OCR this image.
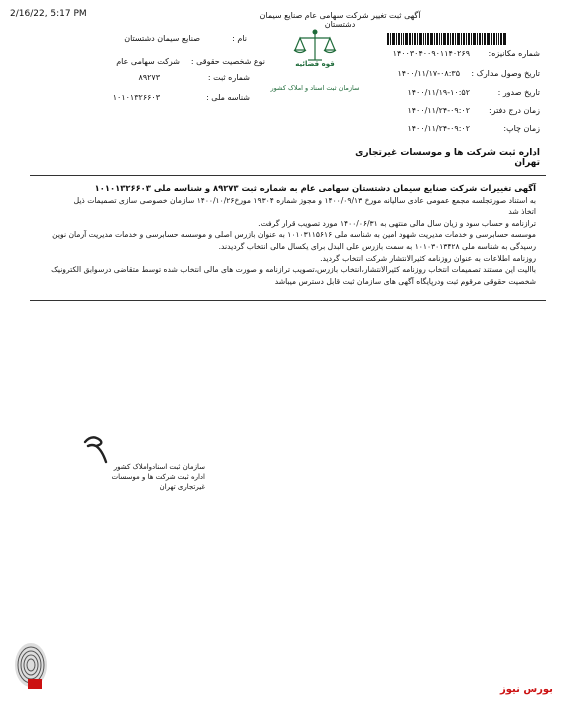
2/16/22, 5:17 PM	آگهی ثبت تغییر شرکت سهامی عام صنایع سیمان دشتستان
نام :
صنایع سیمان دشتستان
نوع شخصیت حقوقی :
شرکت سهامی عام
شماره ثبت :
۸۹۲۷۳
شناسه ملی :
۱۰۱۰۱۳۲۶۶۰۳
قوه قضائیه
سازمان ثبت اسناد و املاک کشور
شماره مکانیزه:
۱۴۰۰۳۰۴۰۰۹۰۱۱۴۰۲۶۹
تاریخ وصول مدارک :
۱۴۰۰/۱۱/۱۷-۰۸:۳۵
تاریخ صدور :
۱۴۰۰/۱۱/۱۹-۱۰:۵۲
زمان درج دفتر:
۱۴۰۰/۱۱/۲۴-۰۹:۰۲
زمان چاپ:
۱۴۰۰/۱۱/۲۴-۰۹:۰۲
اداره ثبت شرکت ها و موسسات غیرتجاری تهران

آگهی تغییرات شرکت صنایع سیمان دشتستان سهامی عام به شماره ثبت ۸۹۲۷۳ و شناسه ملی ۱۰۱۰۱۳۲۶۶۰۳

به استناد صورتجلسه مجمع عمومی عادی سالیانه مورخ ۱۴۰۰/۰۹/۱۳ و مجوز شماره ۱۹۳۰۴ مورخ۱۴۰۰/۱۰/۲۶ سازمان خصوصی سازی تصمیمات ذیل

اتخاذ شد

ترازنامه و حساب سود و زیان سال مالی منتهی به ۱۴۰۰/۰۶/۳۱ مورد تصویب قرار گرفت.

موسسه حسابرسی و خدمات مدیریت شهود امین به شناسه ملی ۱۰۱۰۳۱۱۵۶۱۶ به عنوان بازرس اصلی و موسسه حسابرسی و خدمات مدیریت آرمان نوین

رسیدگی به شناسه ملی ۱۰۱۰۳۰۱۳۴۲۸ به سمت بازرس علی البدل برای یکسال مالی انتخاب گردیدند.

روزنامه اطلاعات به عنوان روزنامه کثیرالانتشار شرکت انتخاب گردید.

باالیت این مستند تصمیمات انتخاب روزنامه کثیرالانتشار،انتخاب بازرس،تصویب ترازنامه و صورت های مالی انتخاب شده توسط متقاضی درسوابق الکترونیک

شخصیت حقوقی مرقوم ثبت ودرپایگاه آگهی های سازمان ثبت قابل دسترس میباشد

سازمان ثبت اسنادواملاک کشور
اداره ثبت شرکت ها و موسسات غیرتجاری تهران
بورس نیوز
